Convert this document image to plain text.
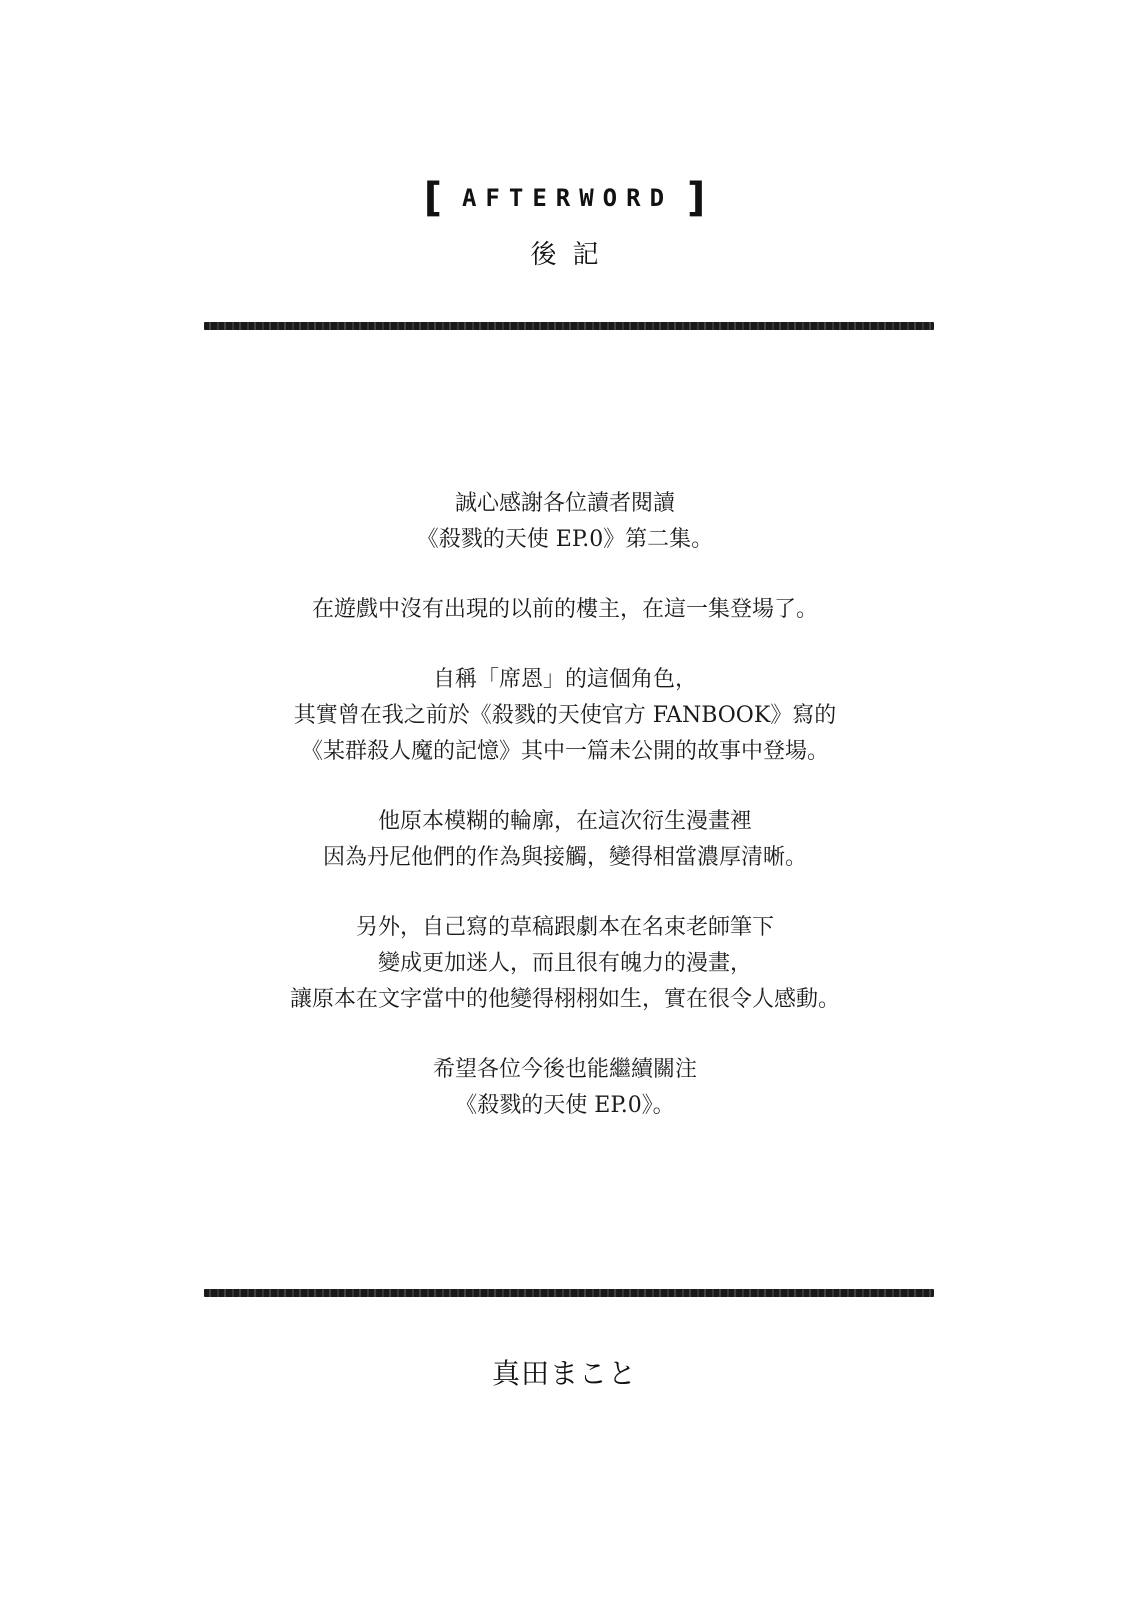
[ AFTERWORD ]
後記
誠心感謝各位讀者閱讀
《殺戮的天使 EP.0》第二集。
在遊戲中沒有出現的以前的樓主，在這一集登場了。
自稱「席恩」的這個角色，
其實曾在我之前於《殺戮的天使官方 FANBOOK》寫的
《某群殺人魔的記憶》其中一篇未公開的故事中登場。
他原本模糊的輪廓，在這次衍生漫畫裡
因為丹尼他們的作為與接觸，變得相當濃厚清晰。
另外，自己寫的草稿跟劇本在名束老師筆下
變成更加迷人，而且很有魄力的漫畫，
讓原本在文字當中的他變得栩栩如生，實在很令人感動。
希望各位今後也能繼續關注
《殺戮的天使 EP.0》。
真田まこと
